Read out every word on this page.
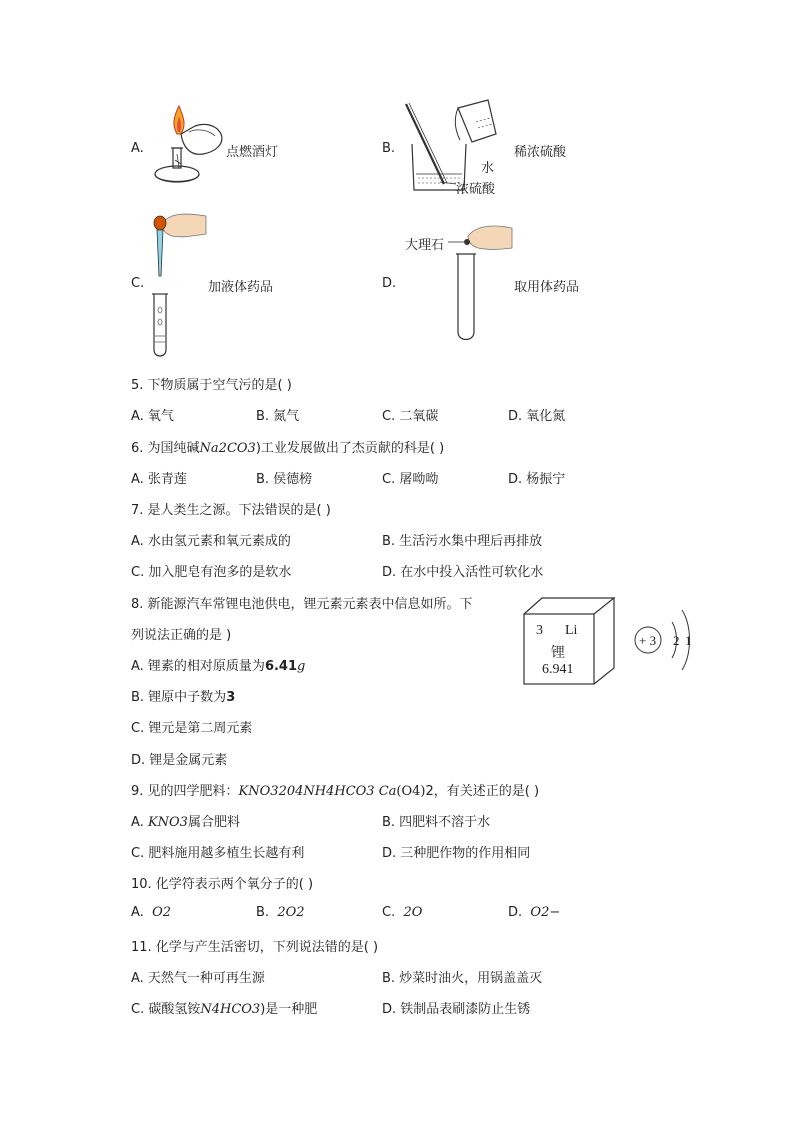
A.	点燃酒灯	B.
水
浓硫酸
稀浓硫酸
C.	加液体药品	D.
大理石
取用体药品
5. 下物质属于空气污的是( )
A. 氧气	B. 氮气	C. 二氧碳	D. 氧化氮
6. 为国纯碱Na2CO3)工业发展做出了杰贡献的科是( )
A. 张青莲	B. 侯德榜	C. 屠呦呦	D. 杨振宁
7. 是人类生之源。下法错误的是( )
A. 水由氢元素和氧元素成的	B. 生活污水集中理后再排放
C. 加入肥皂有泡多的是软水	D. 在水中投入活性可软化水
8. 新能源汽车常锂电池供电，锂元素元素表中信息如所。下
列说法正确的是 )
A. 锂素的相对原质量为6.41g
B. 锂原中子数为3
C. 锂元是第二周元素
D. 锂是金属元素
3 Li
锂
6.941
+ 3 2 1
9. 见的四学肥料：KNO3204NH4HCO3 Ca(O4)2，有关述正的是( )
A. KNO3属合肥料	B. 四肥料不溶于水
C. 肥料施用越多植生长越有利	D. 三种肥作物的作用相同
10. 化学符表示两个氧分子的( )
A. O2	B. 2O2	C. 2O	D. O2−
11. 化学与产生活密切，下列说法错的是( )
A. 天然气一种可再生源	B. 炒菜时油火，用锅盖盖灭
C. 碳酸氢铵N4HCO3)是一种肥	D. 铁制品表刷漆防止生锈
